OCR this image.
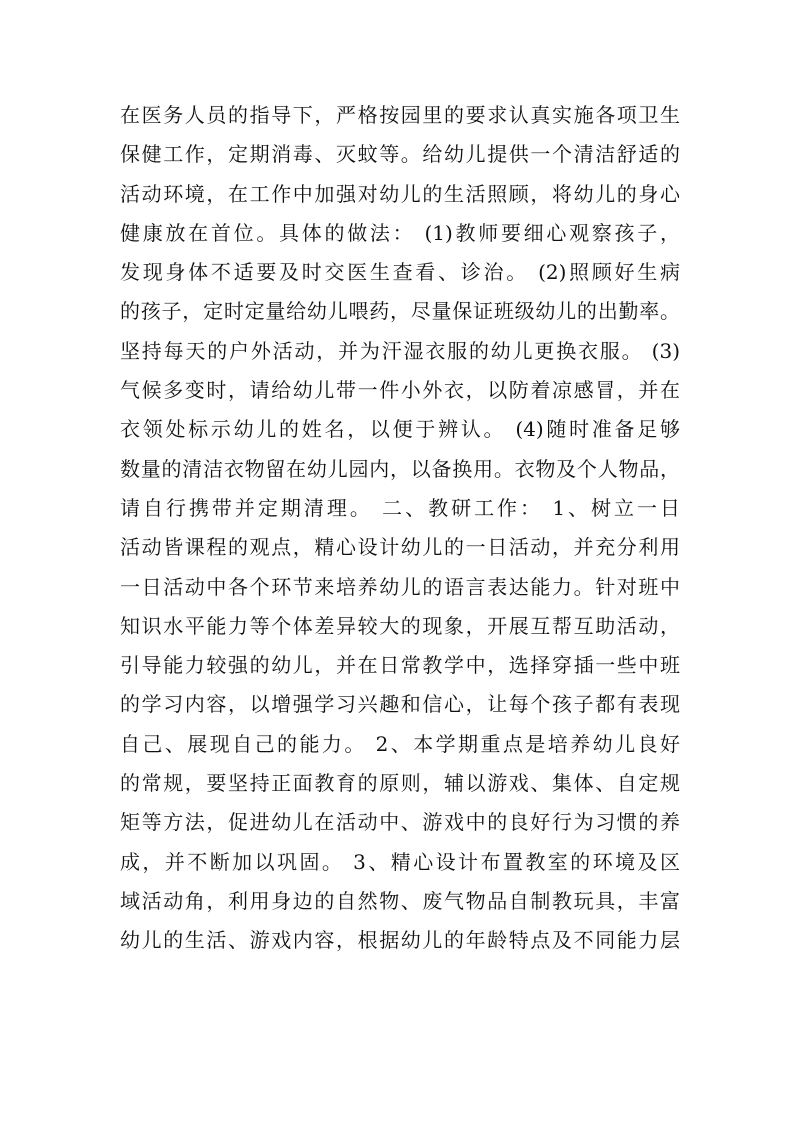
在医务人员的指导下，严格按园里的要求认真实施各项卫生
保健工作，定期消毒、灭蚊等。给幼儿提供一个清洁舒适的
活动环境，在工作中加强对幼儿的生活照顾，将幼儿的身心
健康放在首位。具体的做法： (1)教师要细心观察孩子，
发现身体不适要及时交医生查看、诊治。 (2)照顾好生病
的孩子，定时定量给幼儿喂药，尽量保证班级幼儿的出勤率。
坚持每天的户外活动，并为汗湿衣服的幼儿更换衣服。 (3)
气候多变时，请给幼儿带一件小外衣，以防着凉感冒，并在
衣领处标示幼儿的姓名，以便于辨认。 (4)随时准备足够
数量的清洁衣物留在幼儿园内，以备换用。衣物及个人物品，
请自行携带并定期清理。 二、教研工作： 1、树立一日
活动皆课程的观点，精心设计幼儿的一日活动，并充分利用
一日活动中各个环节来培养幼儿的语言表达能力。针对班中
知识水平能力等个体差异较大的现象，开展互帮互助活动，
引导能力较强的幼儿，并在日常教学中，选择穿插一些中班
的学习内容，以增强学习兴趣和信心，让每个孩子都有表现
自己、展现自己的能力。 2、本学期重点是培养幼儿良好
的常规，要坚持正面教育的原则，辅以游戏、集体、自定规
矩等方法，促进幼儿在活动中、游戏中的良好行为习惯的养
成，并不断加以巩固。 3、精心设计布置教室的环境及区
域活动角，利用身边的自然物、废气物品自制教玩具，丰富
幼儿的生活、游戏内容，根据幼儿的年龄特点及不同能力层
